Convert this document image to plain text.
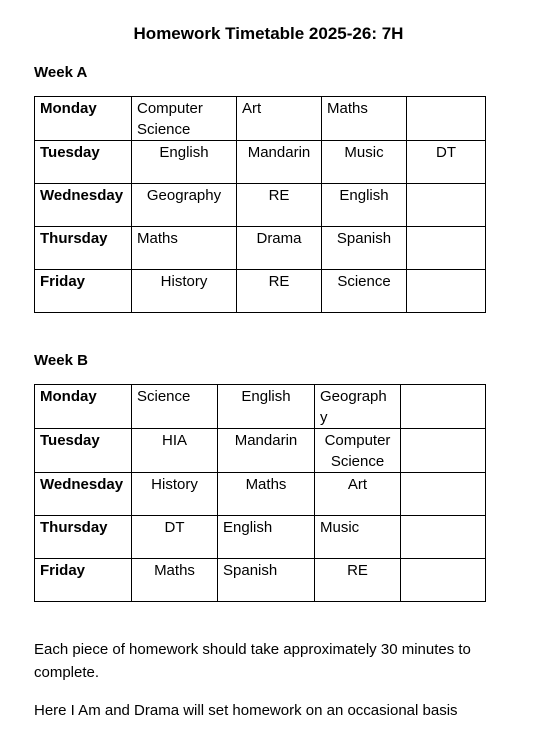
Homework Timetable 2025-26: 7H
Week A
Monday	Computer Science	Art	Maths	
Tuesday	English	Mandarin	Music	DT
Wednesday	Geography	RE	English	
Thursday	Maths	Drama	Spanish	
Friday	History	RE	Science	
Week B
Monday	Science	English	Geograph y	
Tuesday	HIA	Mandarin	Computer Science	
Wednesday	History	Maths	Art	
Thursday	DT	English	Music	
Friday	Maths	Spanish	RE	
Each piece of homework should take approximately 30 minutes to complete.
Here I Am and Drama will set homework on an occasional basis
